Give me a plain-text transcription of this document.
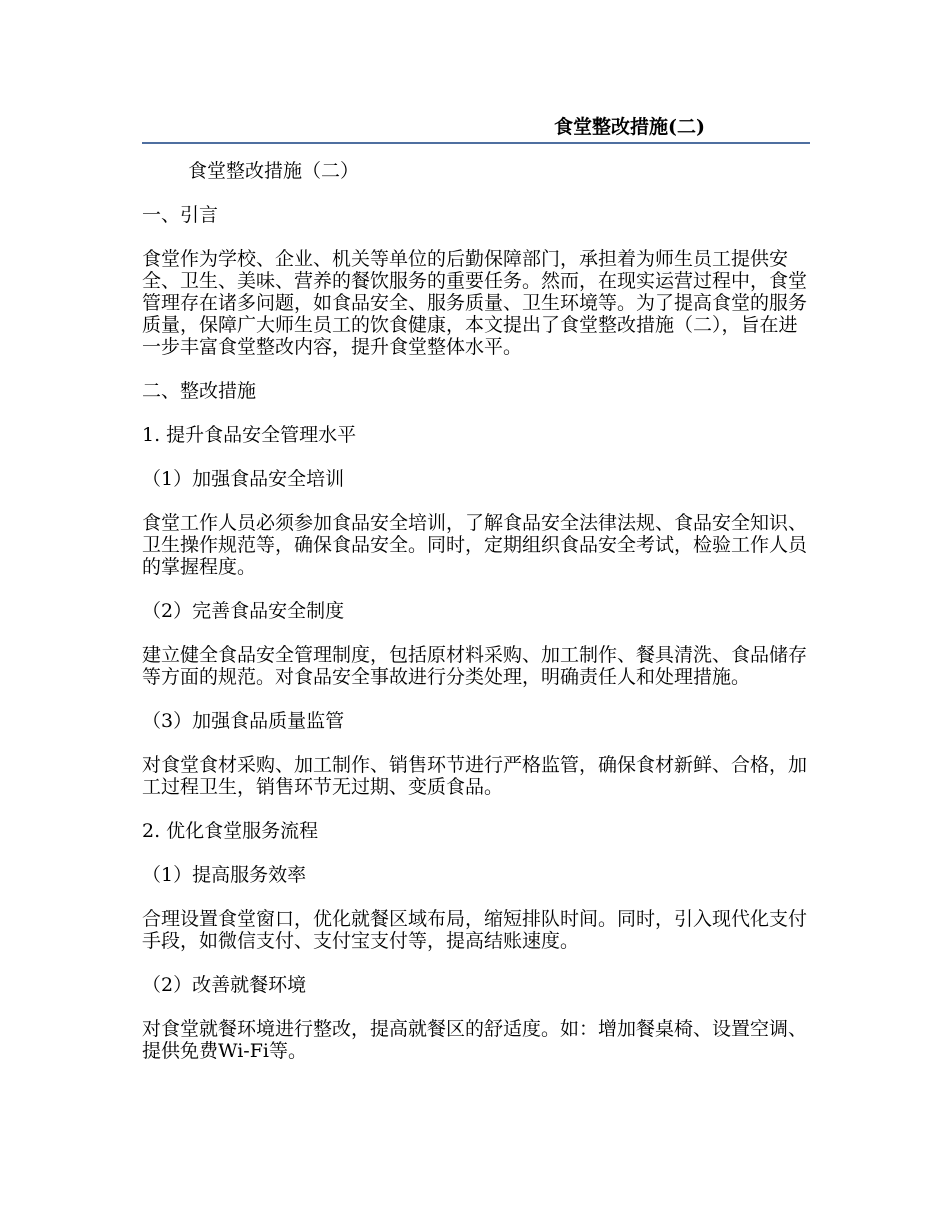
食堂整改措施(二)

食堂整改措施（二）

一、引言

食堂作为学校、企业、机关等单位的后勤保障部门，承担着为师生员工提供安全、卫生、美味、营养的餐饮服务的重要任务。然而，在现实运营过程中，食堂管理存在诸多问题，如食品安全、服务质量、卫生环境等。为了提高食堂的服务质量，保障广大师生员工的饮食健康，本文提出了食堂整改措施（二），旨在进一步丰富食堂整改内容，提升食堂整体水平。

二、整改措施

1. 提升食品安全管理水平

（1）加强食品安全培训

食堂工作人员必须参加食品安全培训，了解食品安全法律法规、食品安全知识、卫生操作规范等，确保食品安全。同时，定期组织食品安全考试，检验工作人员的掌握程度。

（2）完善食品安全制度

建立健全食品安全管理制度，包括原材料采购、加工制作、餐具清洗、食品储存等方面的规范。对食品安全事故进行分类处理，明确责任人和处理措施。

（3）加强食品质量监管

对食堂食材采购、加工制作、销售环节进行严格监管，确保食材新鲜、合格，加工过程卫生，销售环节无过期、变质食品。

2. 优化食堂服务流程

（1）提高服务效率

合理设置食堂窗口，优化就餐区域布局，缩短排队时间。同时，引入现代化支付手段，如微信支付、支付宝支付等，提高结账速度。

（2）改善就餐环境

对食堂就餐环境进行整改，提高就餐区的舒适度。如：增加餐桌椅、设置空调、提供免费Wi-Fi等。
